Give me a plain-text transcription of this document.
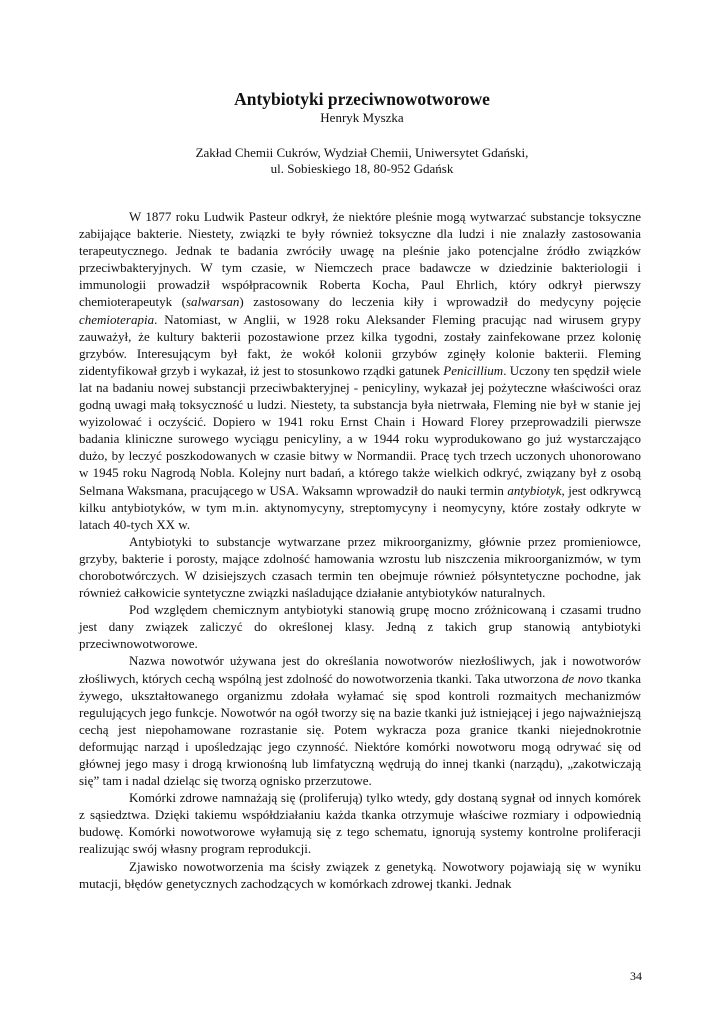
Antybiotyki przeciwnowotworowe
Henryk Myszka
Zakład Chemii Cukrów, Wydział Chemii, Uniwersytet Gdański,
ul. Sobieskiego 18, 80-952 Gdańsk

W 1877 roku Ludwik Pasteur odkrył, że niektóre pleśnie mogą wytwarzać substancje toksyczne zabijające bakterie. Niestety, związki te były również toksyczne dla ludzi i nie znalazły zastosowania terapeutycznego. Jednak te badania zwróciły uwagę na pleśnie jako potencjalne źródło związków przeciwbakteryjnych. W tym czasie, w Niemczech prace badawcze w dziedzinie bakteriologii i immunologii prowadził współpracownik Roberta Kocha, Paul Ehrlich, który odkrył pierwszy chemioterapeutyk (salwarsan) zastosowany do leczenia kiły i wprowadził do medycyny pojęcie chemioterapia. Natomiast, w Anglii, w 1928 roku Aleksander Fleming pracując nad wirusem grypy zauważył, że kultury bakterii pozostawione przez kilka tygodni, zostały zainfekowane przez kolonię grzybów. Interesującym był fakt, że wokół kolonii grzybów zginęły kolonie bakterii. Fleming zidentyfikował grzyb i wykazał, iż jest to stosunkowo rządki gatunek Penicillium. Uczony ten spędził wiele lat na badaniu nowej substancji przeciwbakteryjnej - penicyliny, wykazał jej pożyteczne właściwości oraz godną uwagi małą toksyczność u ludzi. Niestety, ta substancja była nietrwała, Fleming nie był w stanie jej wyizolować i oczyścić. Dopiero w 1941 roku Ernst Chain i Howard Florey przeprowadzili pierwsze badania kliniczne surowego wyciągu penicyliny, a w 1944 roku wyprodukowano go już wystarczająco dużo, by leczyć poszkodowanych w czasie bitwy w Normandii. Pracę tych trzech uczonych uhonorowano w 1945 roku Nagrodą Nobla. Kolejny nurt badań, a którego także wielkich odkryć, związany był z osobą Selmana Waksmana, pracującego w USA. Waksamn wprowadził do nauki termin antybiotyk, jest odkrywcą kilku antybiotyków, w tym m.in. aktynomycyny, streptomycyny i neomycyny, które zostały odkryte w latach 40-tych XX w.

Antybiotyki to substancje wytwarzane przez mikroorganizmy, głównie przez promieniowce, grzyby, bakterie i porosty, mające zdolność hamowania wzrostu lub niszczenia mikroorganizmów, w tym chorobotwórczych. W dzisiejszych czasach termin ten obejmuje również półsyntetyczne pochodne, jak również całkowicie syntetyczne związki naśladujące działanie antybiotyków naturalnych.

Pod względem chemicznym antybiotyki stanowią grupę mocno zróżnicowaną i czasami trudno jest dany związek zaliczyć do określonej klasy. Jedną z takich grup stanowią antybiotyki przeciwnowotworowe.

Nazwa nowotwór używana jest do określania nowotworów niezłośliwych, jak i nowotworów złośliwych, których cechą wspólną jest zdolność do nowotworzenia tkanki. Taka utworzona de novo tkanka żywego, ukształtowanego organizmu zdołała wyłamać się spod kontroli rozmaitych mechanizmów regulujących jego funkcje. Nowotwór na ogół tworzy się na bazie tkanki już istniejącej i jego najważniejszą cechą jest niepohamowane rozrastanie się. Potem wykracza poza granice tkanki niejednokrotnie deformując narząd i upośledzając jego czynność. Niektóre komórki nowotworu mogą odrywać się od głównej jego masy i drogą krwionośną lub limfatyczną wędrują do innej tkanki (narządu), „zakotwiczają się” tam i nadal dzieląc się tworzą ognisko przerzutowe.

Komórki zdrowe namnażają się (proliferują) tylko wtedy, gdy dostaną sygnał od innych komórek z sąsiedztwa. Dzięki takiemu współdziałaniu każda tkanka otrzymuje właściwe rozmiary i odpowiednią budowę. Komórki nowotworowe wyłamują się z tego schematu, ignorują systemy kontrolne proliferacji realizując swój własny program reprodukcji.

Zjawisko nowotworzenia ma ścisły związek z genetyką. Nowotwory pojawiają się w wyniku mutacji, błędów genetycznych zachodzących w komórkach zdrowej tkanki. Jednak

34
